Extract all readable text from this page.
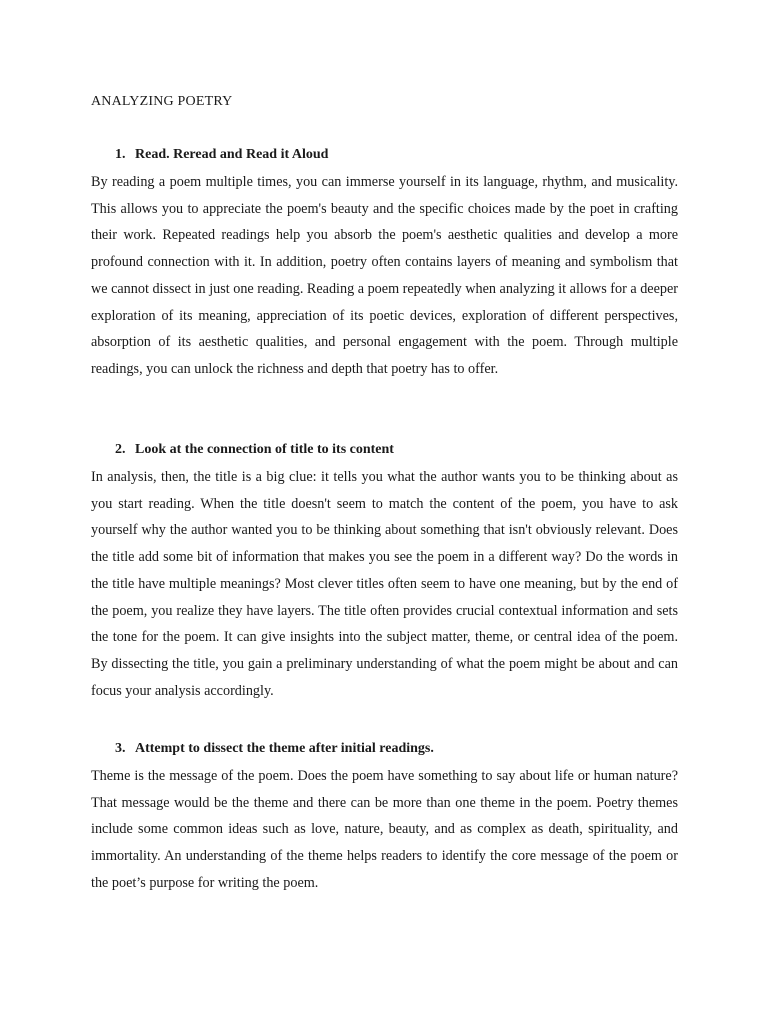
ANALYZING POETRY
1. Read. Reread and Read it Aloud

By reading a poem multiple times, you can immerse yourself in its language, rhythm, and musicality. This allows you to appreciate the poem's beauty and the specific choices made by the poet in crafting their work. Repeated readings help you absorb the poem's aesthetic qualities and develop a more profound connection with it. In addition, poetry often contains layers of meaning and symbolism that we cannot dissect in just one reading. Reading a poem repeatedly when analyzing it allows for a deeper exploration of its meaning, appreciation of its poetic devices, exploration of different perspectives, absorption of its aesthetic qualities, and personal engagement with the poem. Through multiple readings, you can unlock the richness and depth that poetry has to offer.

2. Look at the connection of title to its content

In analysis, then, the title is a big clue: it tells you what the author wants you to be thinking about as you start reading. When the title doesn't seem to match the content of the poem, you have to ask yourself why the author wanted you to be thinking about something that isn't obviously relevant. Does the title add some bit of information that makes you see the poem in a different way? Do the words in the title have multiple meanings? Most clever titles often seem to have one meaning, but by the end of the poem, you realize they have layers. The title often provides crucial contextual information and sets the tone for the poem. It can give insights into the subject matter, theme, or central idea of the poem. By dissecting the title, you gain a preliminary understanding of what the poem might be about and can focus your analysis accordingly.

3. Attempt to dissect the theme after initial readings.

Theme is the message of the poem. Does the poem have something to say about life or human nature? That message would be the theme and there can be more than one theme in the poem. Poetry themes include some common ideas such as love, nature, beauty, and as complex as death, spirituality, and immortality. An understanding of the theme helps readers to identify the core message of the poem or the poet’s purpose for writing the poem.
